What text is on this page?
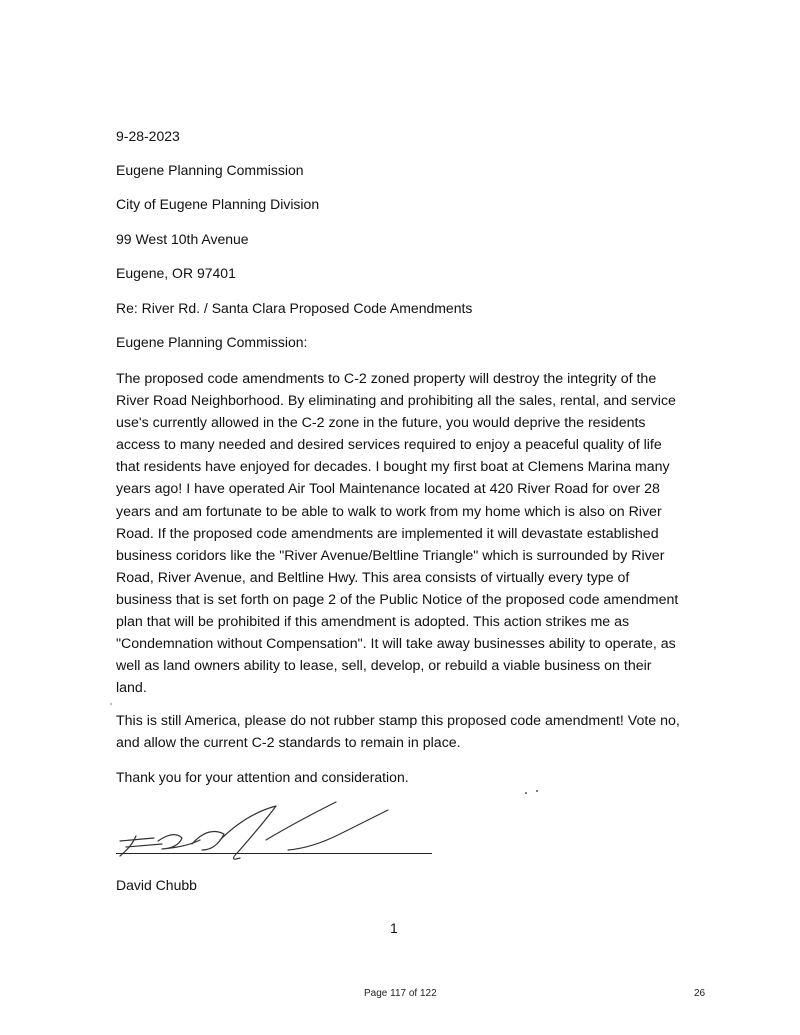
9-28-2023
Eugene Planning Commission
City of Eugene Planning Division
99 West 10th Avenue
Eugene, OR 97401
Re: River Rd. / Santa Clara Proposed Code Amendments
Eugene Planning Commission:

The proposed code amendments to C-2 zoned property will destroy the integrity of the River Road Neighborhood. By eliminating and prohibiting all the sales, rental, and service use's currently allowed in the C-2 zone in the future, you would deprive the residents access to many needed and desired services required to enjoy a peaceful quality of life that residents have enjoyed for decades. I bought my first boat at Clemens Marina many years ago! I have operated Air Tool Maintenance located at 420 River Road for over 28 years and am fortunate to be able to walk to work from my home which is also on River Road. If the proposed code amendments are implemented it will devastate established business coridors like the "River Avenue/Beltline Triangle" which is surrounded by River Road, River Avenue, and Beltline Hwy. This area consists of virtually every type of business that is set forth on page 2 of the Public Notice of the proposed code amendment plan that will be prohibited if this amendment is adopted. This action strikes me as "Condemnation without Compensation". It will take away businesses ability to operate, as well as land owners ability to lease, sell, develop, or rebuild a viable business on their land.

This is still America, please do not rubber stamp this proposed code amendment! Vote no, and allow the current C-2 standards to remain in place.

Thank you for your attention and consideration.
David Chubb
1
Page 117 of 122	26
